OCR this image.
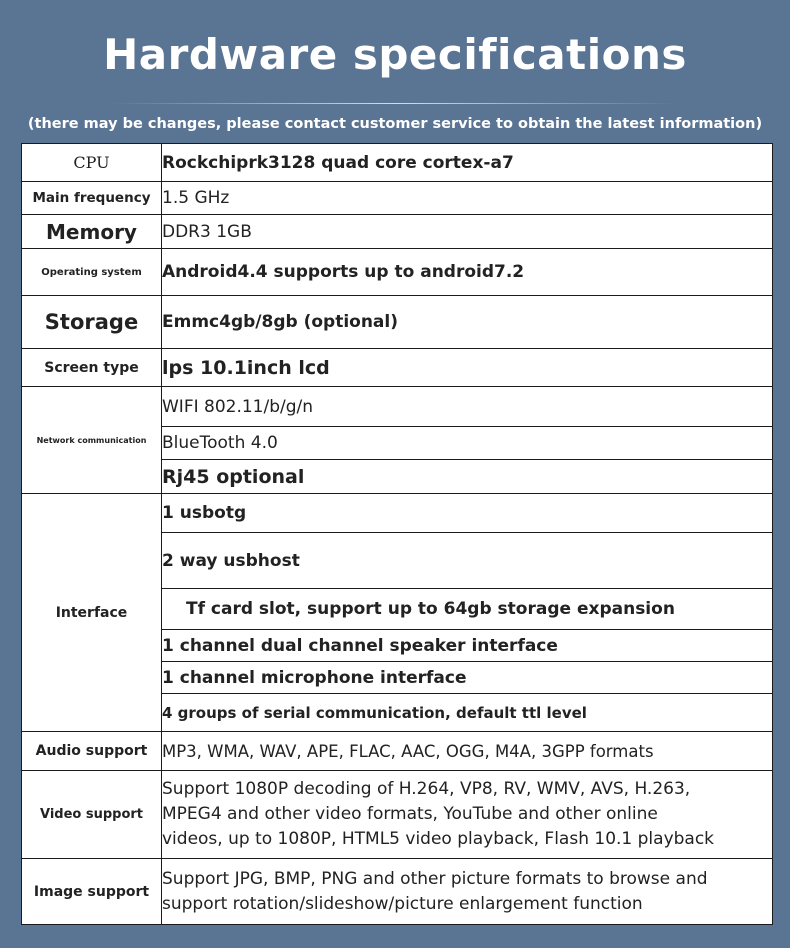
Hardware specifications
(there may be changes, please contact customer service to obtain the latest information)
CPU	Rockchiprk3128 quad core cortex-a7
Main frequency	1.5 GHz
Memory	DDR3 1GB
Operating system	Android4.4 supports up to android7.2
Storage	Emmc4gb/8gb (optional)
Screen type	lps 10.1inch lcd
Network communication	WIFI 802.11/b/g/n
	BlueTooth 4.0
	Rj45 optional
Interface	1 usbotg
	2 way usbhost
	Tf card slot, support up to 64gb storage expansion
	1 channel dual channel speaker interface
	1 channel microphone interface
	4 groups of serial communication, default ttl level
Audio support	MP3, WMA, WAV, APE, FLAC, AAC, OGG, M4A, 3GPP formats
Video support	Support 1080P decoding of H.264, VP8, RV, WMV, AVS, H.263,
MPEG4 and other video formats, YouTube and other online
videos, up to 1080P, HTML5 video playback, Flash 10.1 playback

Image support	Support JPG, BMP, PNG and other picture formats to browse and
support rotation/slideshow/picture enlargement function
